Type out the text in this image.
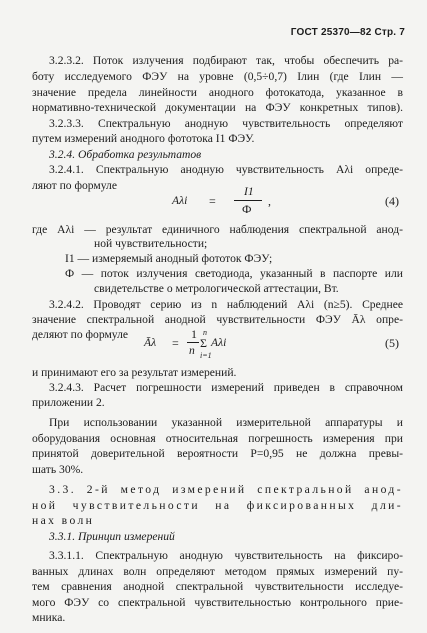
ГОСТ 25370—82 Стр. 7
3.2.3.2. Поток излучения подбирают так, чтобы обеспечить ра-
боту исследуемого ФЭУ на уровне (0,5÷0,7) Iлин (где Iлин —
значение предела линейности анодного фотокатода, указанное в
нормативно-технической документации на ФЭУ конкретных типов).
3.2.3.3. Спектральную анодную чувствительность определяют
путем измерений анодного фототока I1 ФЭУ.
3.2.4. Обработка результатов
3.2.4.1. Спектральную анодную чувствительность Aλi опреде-
ляют по формуле
Aλi =
I1
Ф
,	(4)
где Aλi — результат единичного наблюдения спектральной анод-
ной чувствительности;
I1 — измеряемый анодный фототок ФЭУ;
Ф — поток излучения светодиода, указанный в паспорте или
свидетельстве о метрологической аттестации, Вт.
3.2.4.2. Проводят серию из n наблюдений Aλi (n≥5). Среднее
значение спектральной анодной чувствительности ФЭУ Āλ опре-
деляют по формуле
Āλ =
1
n
n
Σ
i=1
Aλi	(5)
и принимают его за результат измерений.
3.2.4.3. Расчет погрешности измерений приведен в справочном
приложении 2.
При использовании указанной измерительной аппаратуры и
оборудования основная относительная погрешность измерения при
принятой доверительной вероятности P=0,95 не должна превы-
шать 30%.
3.3. 2-й метод измерений спектральной анод-
ной чувствительности на фиксированных дли-
нах волн
3.3.1. Принцип измерений
3.3.1.1. Спектральную анодную чувствительность на фиксиро-
ванных длинах волн определяют методом прямых измерений пу-
тем сравнения анодной спектральной чувствительности исследуе-
мого ФЭУ со спектральной чувствительностью контрольного прие-
мника.
